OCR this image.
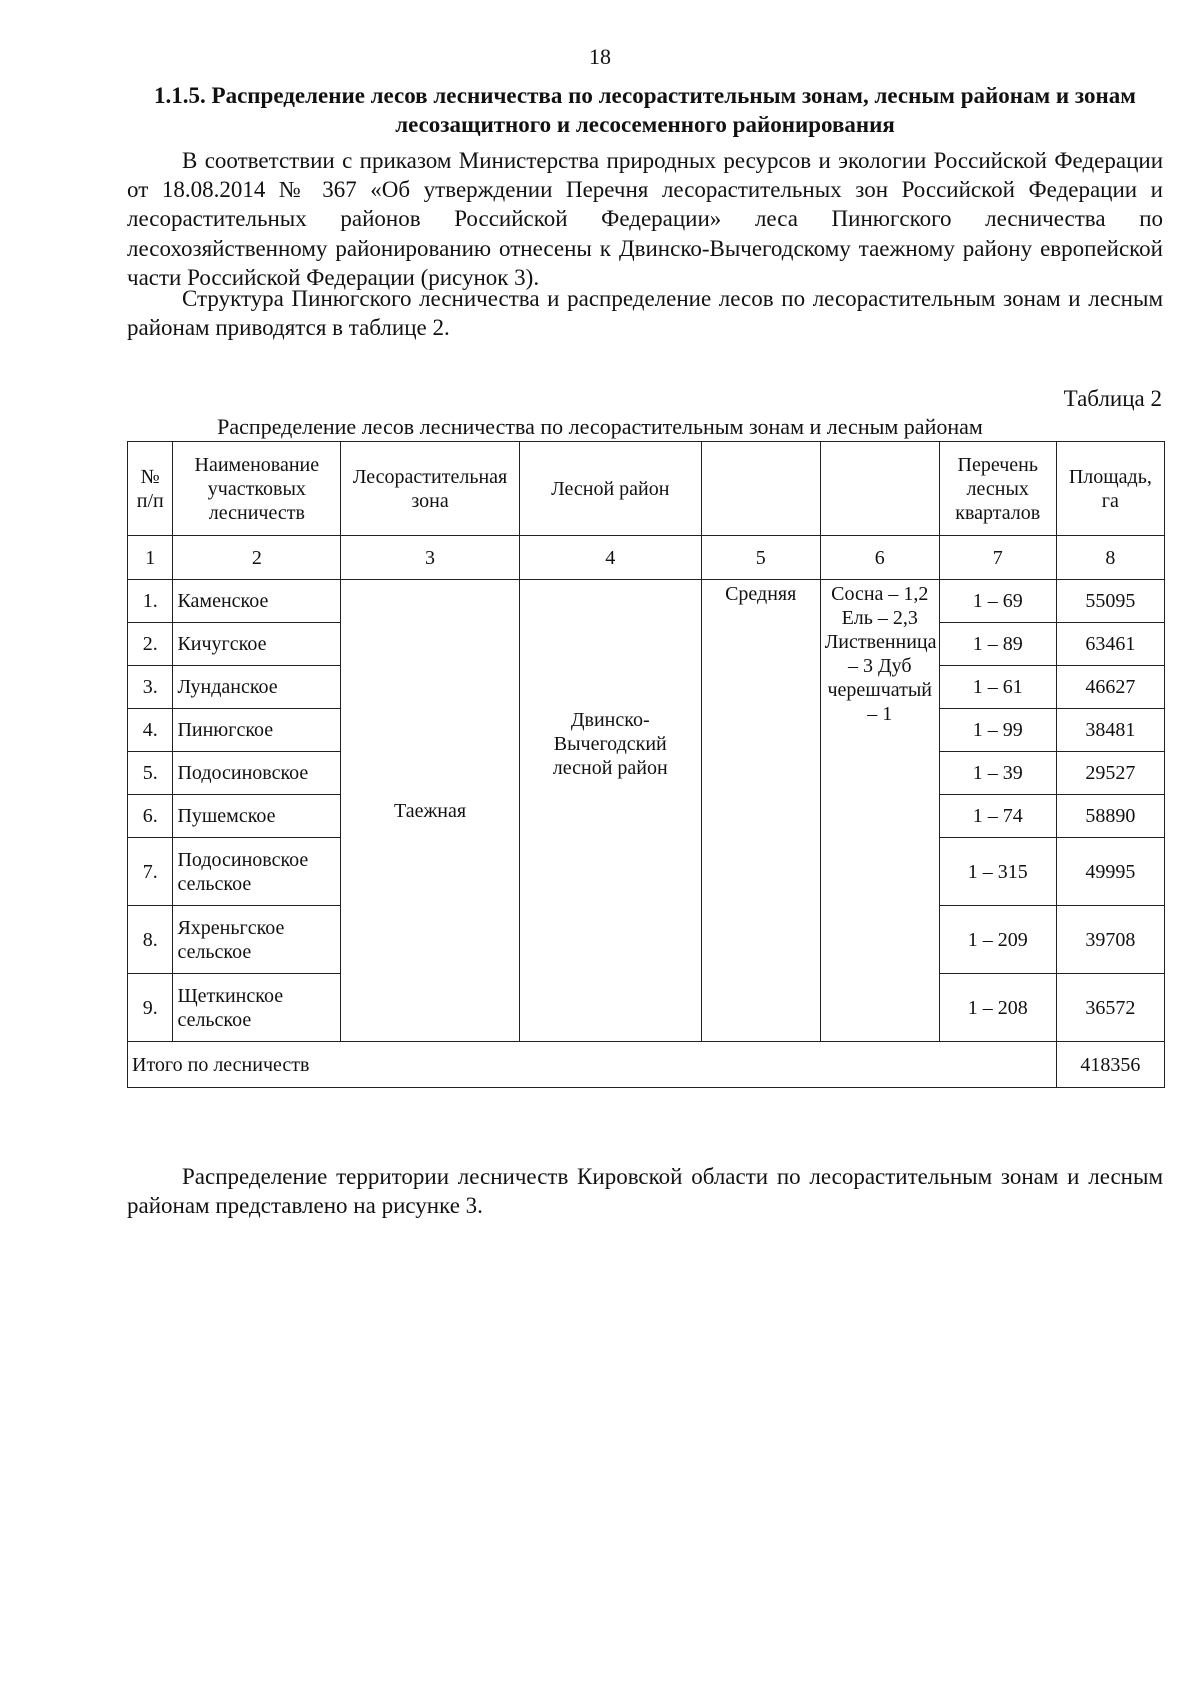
18
1.1.5. Распределение лесов лесничества по лесорастительным зонам, лесным районам и зонам лесозащитного и лесосеменного районирования

В соответствии с приказом Министерства природных ресурсов и экологии Российской Федерации от 18.08.2014 № 367 «Об утверждении Перечня лесорастительных зон Российской Федерации и лесорастительных районов Российской Федерации» леса Пинюгского лесничества по лесохозяйственному районированию отнесены к Двинско-Вычегодскому таежному району европейской части Российской Федерации (рисунок 3).

Структура Пинюгского лесничества и распределение лесов по лесорастительным зонам и лесным районам приводятся в таблице 2.

Таблица 2
Распределение лесов лесничества по лесорастительным зонам и лесным районам
№ п/п	Наименование участковых лесничеств	Лесорастительная зона	Лесной район			Перечень лесных кварталов	Площадь, га
1	2	3	4	5	6	7	8
1.	Каменское	Таежная	Двинско-Вычегодский лесной район	Средняя	Сосна – 1,2 Ель – 2,3 Лиственница – 3 Дуб черешчатый – 1	1 – 69	55095
2.	Кичугское					1 – 89	63461
3.	Лунданское					1 – 61	46627
4.	Пинюгское					1 – 99	38481
5.	Подосиновское					1 – 39	29527
6.	Пушемское					1 – 74	58890
7.	Подосиновское сельское					1 – 315	49995
8.	Яхреньгское сельское					1 – 209	39708
9.	Щеткинское сельское					1 – 208	36572
Итого по лесничеств							418356

Распределение территории лесничеств Кировской области по лесорастительным зонам и лесным районам представлено на рисунке 3.
